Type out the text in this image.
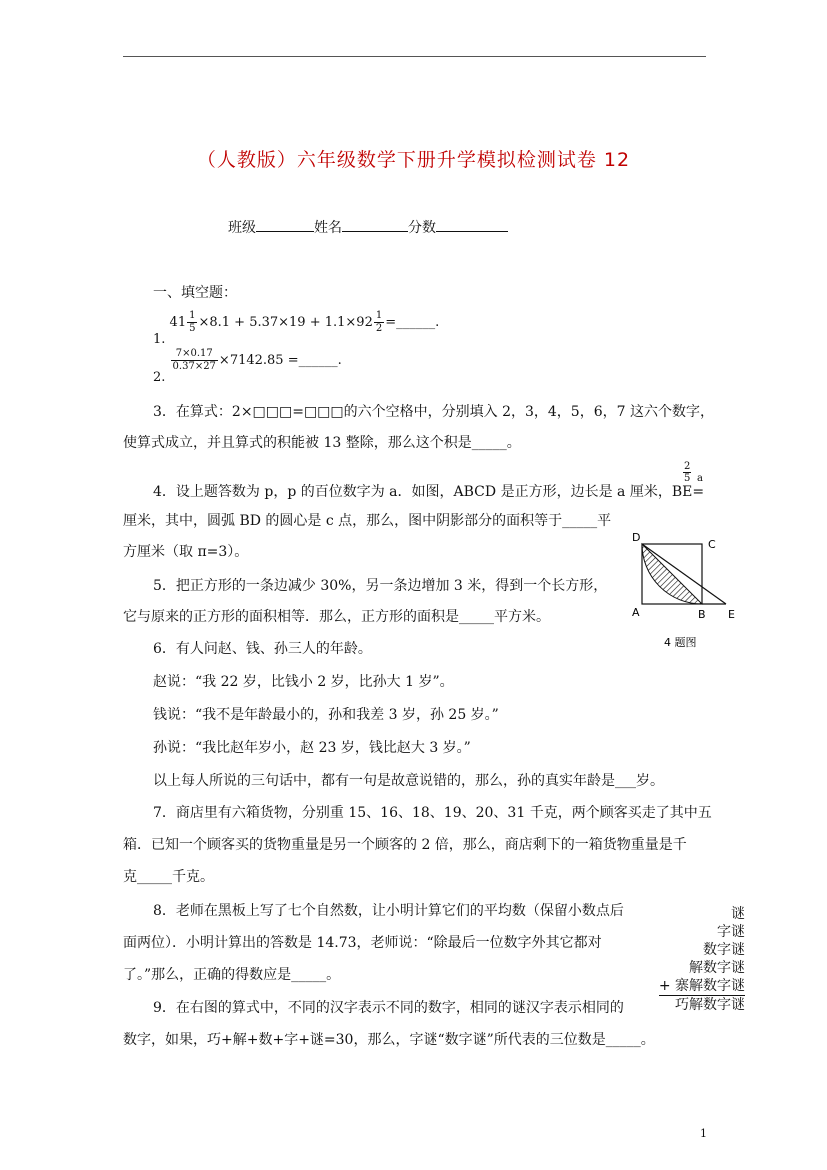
（人教版）六年级数学下册升学模拟检测试卷 12
班级	姓名	分数
一、填空题：
1. $41 \frac{1}{5} \times 8.1 + 5.37\times 19 + 1.1\times 92 \frac{1}{2}$ =______.
2.
$\frac{7\times 0.17}{0.37\times 27} \times 7142.85$ =______.
3．在算式：2×□□□=□□□的六个空格中，分别填入 2，3，4，5，6，7 这六个数字，
使算式成立，并且算式的积能被 13 整除，那么这个积是_____。
4．设上题答数为 p，p 的百位数字为 a．如图，ABCD 是正方形，边长是 a 厘米，BE=
2
5 a
厘米，其中，圆弧 BD 的圆心是 c 点，那么，图中阴影部分的面积等于_____平
方厘米（取 π=3）。
D
C
A	B E
4 题图
5．把正方形的一条边减少 30%，另一条边增加 3 米，得到一个长方形，
它与原来的正方形的面积相等．那么，正方形的面积是_____平方米。
6．有人问赵、钱、孙三人的年龄。
赵说：“我 22 岁，比钱小 2 岁，比孙大 1 岁”。
钱说：“我不是年龄最小的，孙和我差 3 岁，孙 25 岁。”
孙说：“我比赵年岁小，赵 23 岁，钱比赵大 3 岁。”
以上每人所说的三句话中，都有一句是故意说错的，那么，孙的真实年龄是___岁。
7．商店里有六箱货物，分别重 15、16、18、19、20、31 千克，两个顾客买走了其中五
箱．已知一个顾客买的货物重量是另一个顾客的 2 倍，那么，商店剩下的一箱货物重量是千
克_____千克。
8．老师在黑板上写了七个自然数，让小明计算它们的平均数（保留小数点后
面两位）．小明计算出的答数是 14.73，老师说：“除最后一位数字外其它都对
了。”那么，正确的得数应是_____。
9．在右图的算式中，不同的汉字表示不同的数字，相同的谜汉字表示相同的
数字，如果，巧+解+数+字+谜=30，那么，字谜“数字谜”所代表的三位数是_____。
谜
字谜
数字谜
解数字谜
+ 寨解数字谜
巧解数字谜
1
